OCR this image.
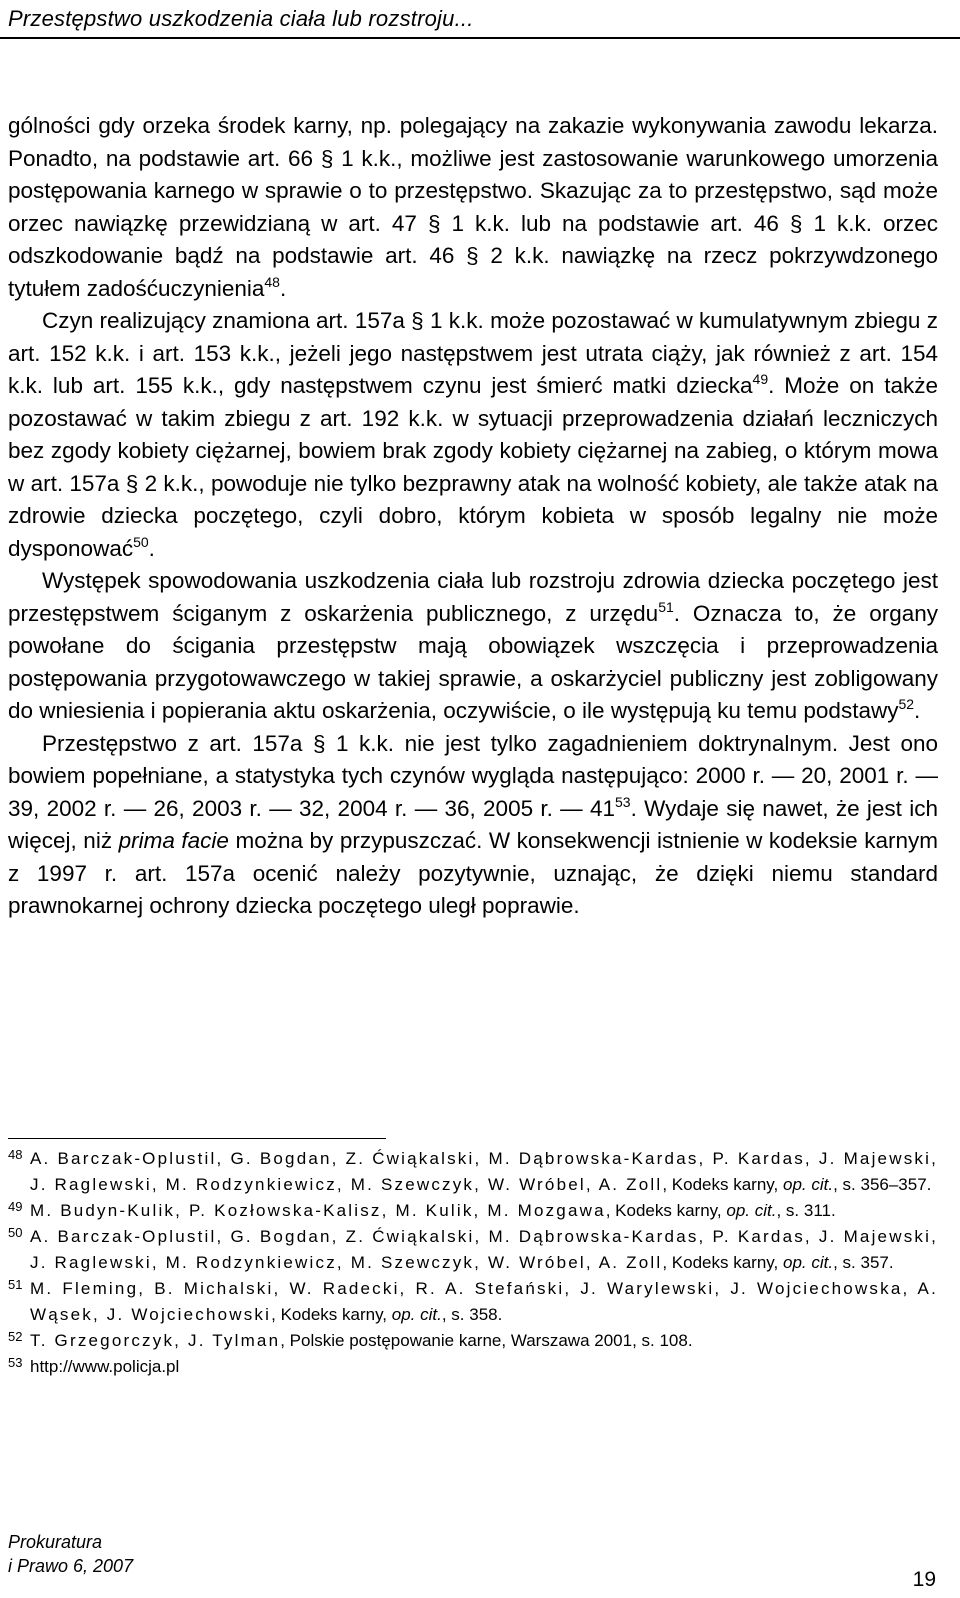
Przestępstwo uszkodzenia ciała lub rozstroju...

gólności gdy orzeka środek karny, np. polegający na zakazie wykonywania zawodu lekarza. Ponadto, na podstawie art. 66 § 1 k.k., możliwe jest zastosowanie warunkowego umorzenia postępowania karnego w sprawie o to przestępstwo. Skazując za to przestępstwo, sąd może orzec nawiązkę przewidzianą w art. 47 § 1 k.k. lub na podstawie art. 46 § 1 k.k. orzec odszkodowanie bądź na podstawie art. 46 § 2 k.k. nawiązkę na rzecz pokrzywdzonego tytułem zadośćuczynienia$^{48}$.

Czyn realizujący znamiona art. 157a § 1 k.k. może pozostawać w kumulatywnym zbiegu z art. 152 k.k. i art. 153 k.k., jeżeli jego następstwem jest utrata ciąży, jak również z art. 154 k.k. lub art. 155 k.k., gdy następstwem czynu jest śmierć matki dziecka$^{49}$. Może on także pozostawać w takim zbiegu z art. 192 k.k. w sytuacji przeprowadzenia działań leczniczych bez zgody kobiety ciężarnej, bowiem brak zgody kobiety ciężarnej na zabieg, o którym mowa w art. 157a § 2 k.k., powoduje nie tylko bezprawny atak na wolność kobiety, ale także atak na zdrowie dziecka poczętego, czyli dobro, którym kobieta w sposób legalny nie może dysponować$^{50}$.

Występek spowodowania uszkodzenia ciała lub rozstroju zdrowia dziecka poczętego jest przestępstwem ściganym z oskarżenia publicznego, z urzędu$^{51}$. Oznacza to, że organy powołane do ścigania przestępstw mają obowiązek wszczęcia i przeprowadzenia postępowania przygotowawczego w takiej sprawie, a oskarżyciel publiczny jest zobligowany do wniesienia i popierania aktu oskarżenia, oczywiście, o ile występują ku temu podstawy$^{52}$.

Przestępstwo z art. 157a § 1 k.k. nie jest tylko zagadnieniem doktrynalnym. Jest ono bowiem popełniane, a statystyka tych czynów wygląda następująco: 2000 r. — 20, 2001 r. — 39, 2002 r. — 26, 2003 r. — 32, 2004 r. — 36, 2005 r. — $41^{53}$. Wydaje się nawet, że jest ich więcej, niż prima facie można by przypuszczać. W konsekwencji istnienie w kodeksie karnym z 1997 r. art. 157a ocenić należy pozytywnie, uznając, że dzięki niemu standard prawnokarnej ochrony dziecka poczętego uległ poprawie.

48 A. Barczak-Oplustil, G. Bogdan, Z. Ćwiąkalski, M. Dąbrowska-Kardas, P. Kardas, J. Majewski, J. Raglewski, M. Rodzynkiewicz, M. Szewczyk, W. Wróbel, A. Zoll, Kodeks karny, op. cit., s. 356–357.
49 M. Budyn-Kulik, P. Kozłowska-Kalisz, M. Kulik, M. Mozgawa, Kodeks karny, op. cit., s. 311.
50 A. Barczak-Oplustil, G. Bogdan, Z. Ćwiąkalski, M. Dąbrowska-Kardas, P. Kardas, J. Majewski, J. Raglewski, M. Rodzynkiewicz, M. Szewczyk, W. Wróbel, A. Zoll, Kodeks karny, op. cit., s. 357.
51 M. Fleming, B. Michalski, W. Radecki, R. A. Stefański, J. Warylewski, J. Wojciechowska, A. Wąsek, J. Wojciechowski, Kodeks karny, op. cit., s. 358.
52 T. Grzegorczyk, J. Tylman, Polskie postępowanie karne, Warszawa 2001, s. 108.
53 http://www.policja.pl
Prokuratura
i Prawo 6, 2007
19
